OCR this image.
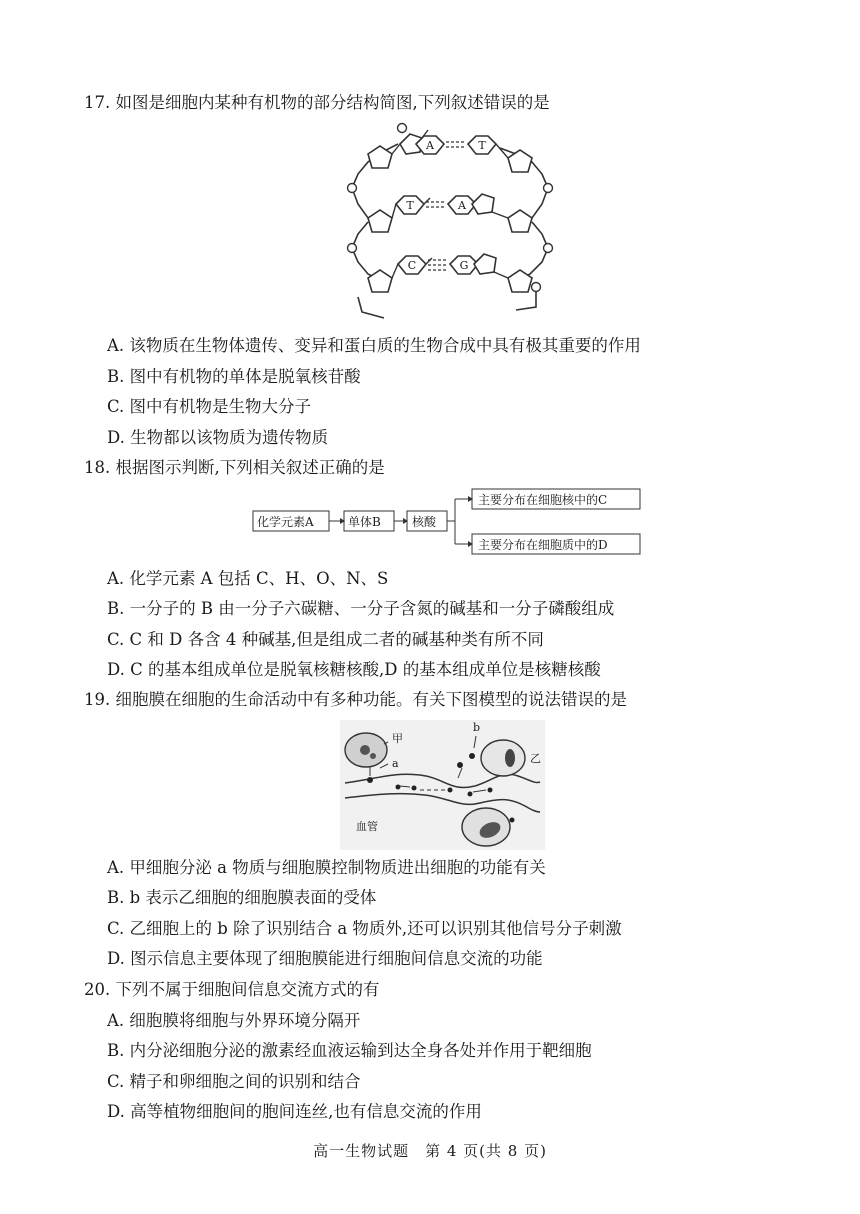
17. 如图是细胞内某种有机物的部分结构简图,下列叙述错误的是
A	T
T	A
C	G
A. 该物质在生物体遗传、变异和蛋白质的生物合成中具有极其重要的作用
B. 图中有机物的单体是脱氧核苷酸
C. 图中有机物是生物大分子
D. 生物都以该物质为遗传物质
18. 根据图示判断,下列相关叙述正确的是
化学元素A	单体B	核酸
主要分布在细胞核中的C
主要分布在细胞质中的D
A. 化学元素 A 包括 C、H、O、N、S
B. 一分子的 B 由一分子六碳糖、一分子含氮的碱基和一分子磷酸组成
C. C 和 D 各含 4 种碱基,但是组成二者的碱基种类有所不同
D. C 的基本组成单位是脱氧核糖核酸,D 的基本组成单位是核糖核酸
19. 细胞膜在细胞的生命活动中有多种功能。有关下图模型的说法错误的是
甲
a
b
乙
血管
A. 甲细胞分泌 a 物质与细胞膜控制物质进出细胞的功能有关
B. b 表示乙细胞的细胞膜表面的受体
C. 乙细胞上的 b 除了识别结合 a 物质外,还可以识别其他信号分子刺激
D. 图示信息主要体现了细胞膜能进行细胞间信息交流的功能
20. 下列不属于细胞间信息交流方式的有
A. 细胞膜将细胞与外界环境分隔开
B. 内分泌细胞分泌的激素经血液运输到达全身各处并作用于靶细胞
C. 精子和卵细胞之间的识别和结合
D. 高等植物细胞间的胞间连丝,也有信息交流的作用
高一生物试题　第 4 页(共 8 页)
